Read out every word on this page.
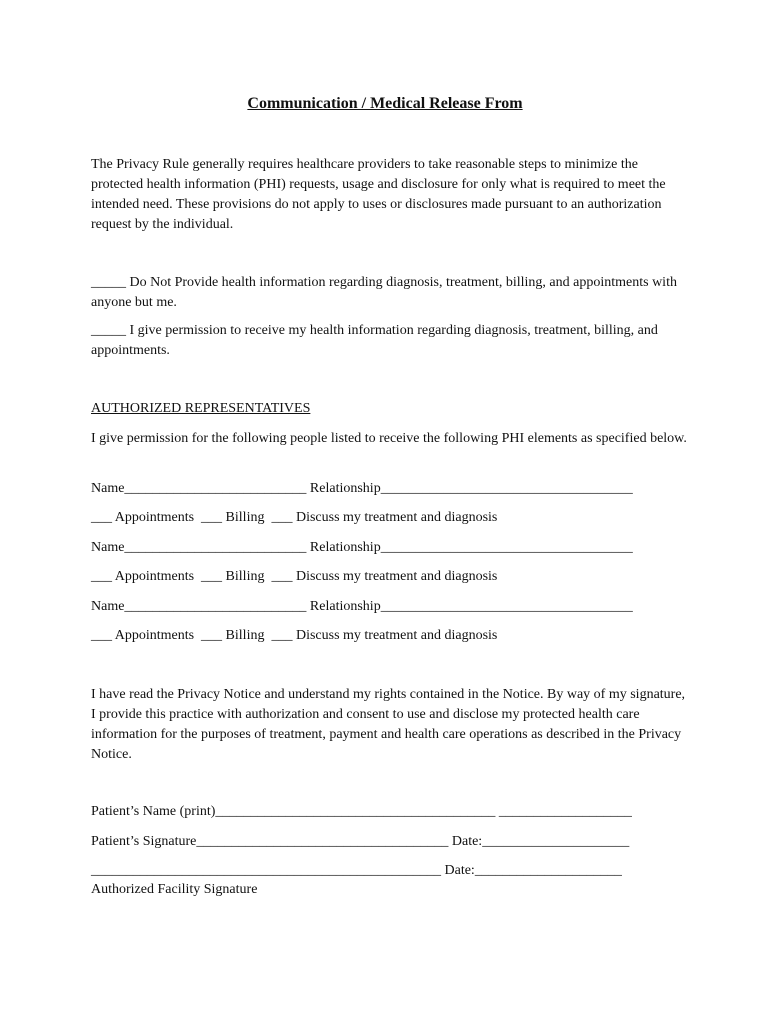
Communication / Medical Release From
The Privacy Rule generally requires healthcare providers to take reasonable steps to minimize the protected health information (PHI) requests, usage and disclosure for only what is required to meet the intended need. These provisions do not apply to uses or disclosures made pursuant to an authorization request by the individual.
_____ Do Not Provide health information regarding diagnosis, treatment, billing, and appointments with anyone but me.
_____ I give permission to receive my health information regarding diagnosis, treatment, billing, and appointments.
AUTHORIZED REPRESENTATIVES
I give permission for the following people listed to receive the following PHI elements as specified below.
Name__________________________ Relationship____________________________________
___ Appointments  ___ Billing  ___ Discuss my treatment and diagnosis
Name__________________________ Relationship____________________________________
___ Appointments  ___ Billing  ___ Discuss my treatment and diagnosis
Name__________________________ Relationship____________________________________
___ Appointments  ___ Billing  ___ Discuss my treatment and diagnosis
I have read the Privacy Notice and understand my rights contained in the Notice. By way of my signature, I provide this practice with authorization and consent to use and disclose my protected health care information for the purposes of treatment, payment and health care operations as described in the Privacy Notice.
Patient’s Name (print)________________________________________ ___________________
Patient’s Signature____________________________________ Date:_____________________
__________________________________________________ Date:_____________________
Authorized Facility Signature
